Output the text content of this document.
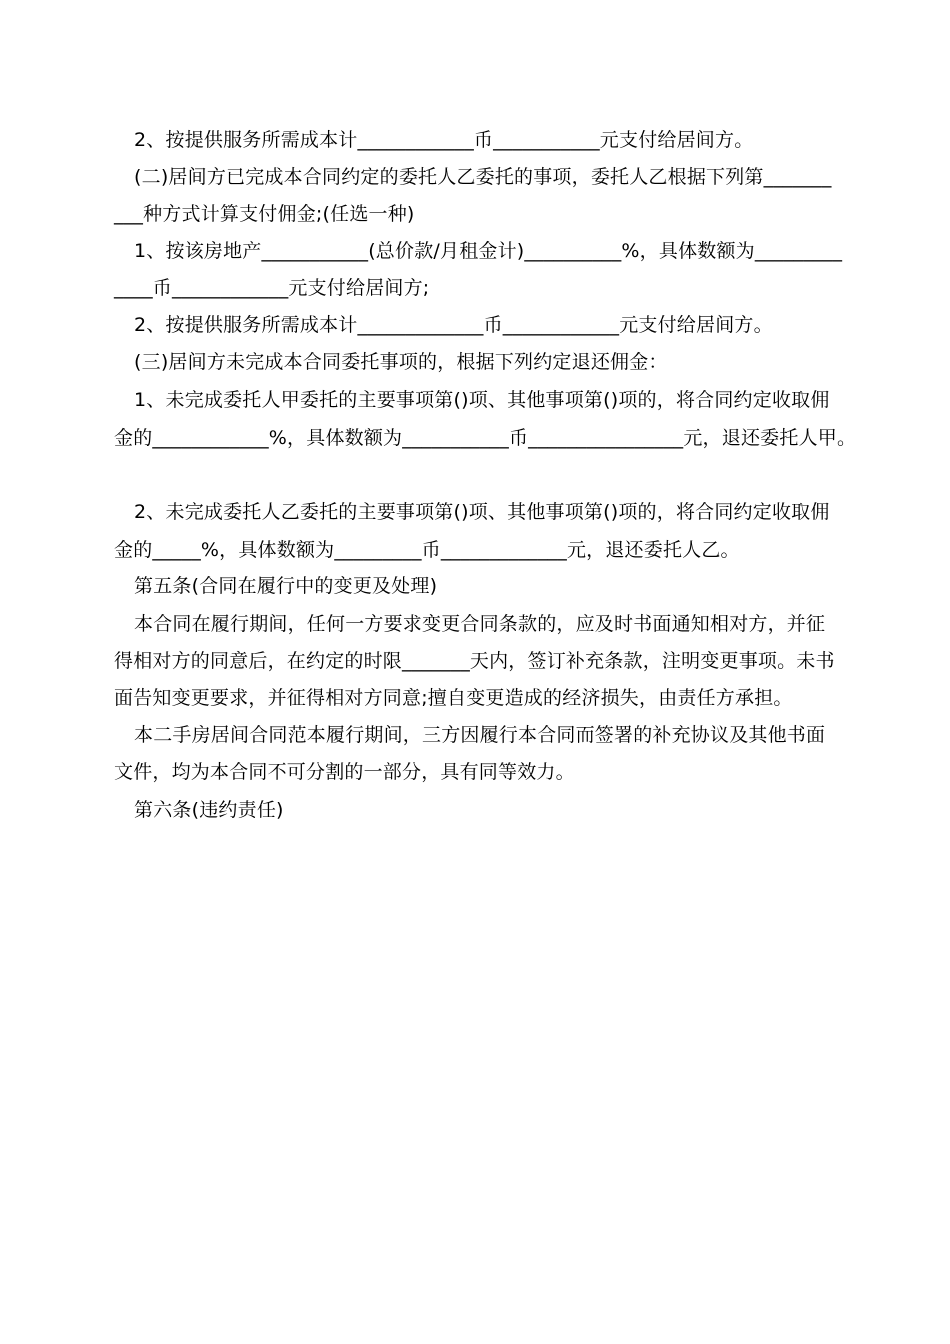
2、按提供服务所需成本计____________币___________元支付给居间方。
(二)居间方已完成本合同约定的委托人乙委托的事项，委托人乙根据下列第_______
___种方式计算支付佣金;(任选一种)
1、按该房地产___________(总价款/月租金计)__________%，具体数额为_________
____币____________元支付给居间方;
2、按提供服务所需成本计_____________币____________元支付给居间方。
(三)居间方未完成本合同委托事项的，根据下列约定退还佣金：
1、未完成委托人甲委托的主要事项第()项、其他事项第()项的，将合同约定收取佣
金的____________%，具体数额为___________币________________元，退还委托人甲。
2、未完成委托人乙委托的主要事项第()项、其他事项第()项的，将合同约定收取佣
金的_____%，具体数额为_________币_____________元，退还委托人乙。
第五条(合同在履行中的变更及处理)
本合同在履行期间，任何一方要求变更合同条款的，应及时书面通知相对方，并征
得相对方的同意后，在约定的时限_______天内，签订补充条款，注明变更事项。未书
面告知变更要求，并征得相对方同意;擅自变更造成的经济损失，由责任方承担。
本二手房居间合同范本履行期间，三方因履行本合同而签署的补充协议及其他书面
文件，均为本合同不可分割的一部分，具有同等效力。
第六条(违约责任)
